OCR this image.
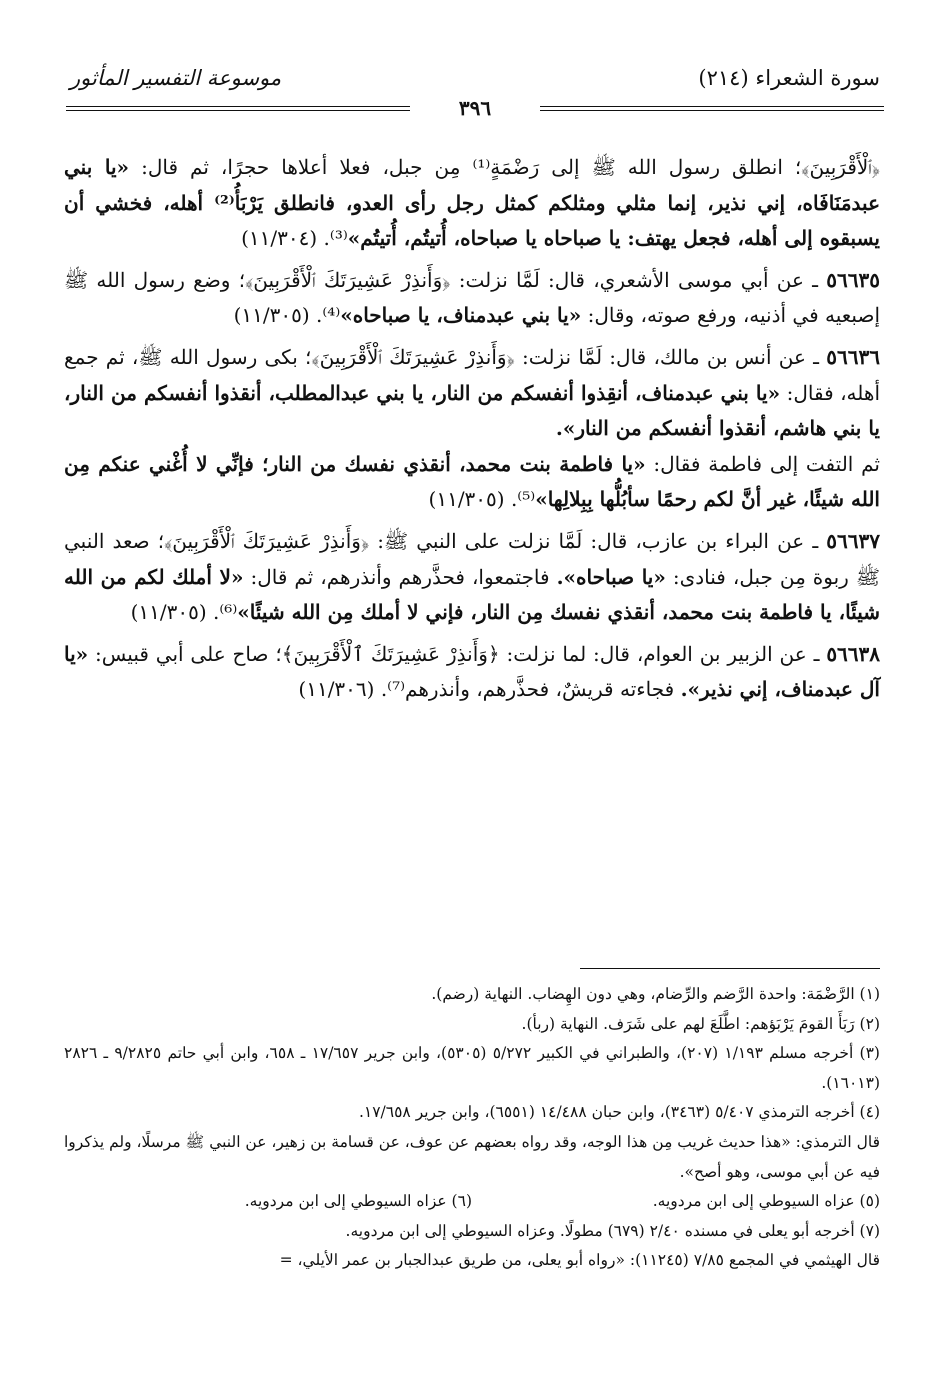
سورة الشعراء (٢١٤)
موسوعة التفسير المأثور
٣٩٦

﴿ٱلْأَقْرَبِينَ﴾؛ انطلق رسول الله ﷺ إلى رَضْمَةٍ⁽¹⁾ مِن جبل، فعلا أعلاها حجرًا، ثم قال: «يا بني عبدمَنَافَاه، إني نذير، إنما مثلي ومثلكم كمثل رجل رأى العدو، فانطلق يَرْبَأُ⁽²⁾ أهله، فخشي أن يسبقوه إلى أهله، فجعل يهتف: يا صباحاه يا صباحاه، أُتيتُم، أُتيتُم»⁽³⁾. (١١/٣٠٤)

٥٦٦٣٥ ـ عن أبي موسى الأشعري، قال: لَمَّا نزلت: ﴿وَأَنذِرْ عَشِيرَتَكَ ٱلْأَقْرَبِينَ﴾؛ وضع رسول الله ﷺ إصبعيه في أذنيه، ورفع صوته، وقال: «يا بني عبدمناف، يا صباحاه»⁽⁴⁾. (١١/٣٠٥)

٥٦٦٣٦ ـ عن أنس بن مالك، قال: لَمَّا نزلت: ﴿وَأَنذِرْ عَشِيرَتَكَ ٱلْأَقْرَبِينَ﴾؛ بكى رسول الله ﷺ، ثم جمع أهله، فقال: «يا بني عبدمناف، أنقِذوا أنفسكم من النار، يا بني عبدالمطلب، أنقذوا أنفسكم من النار، يا بني هاشم، أنقذوا أنفسكم من النار».

ثم التفت إلى فاطمة فقال: «يا فاطمة بنت محمد، أنقذي نفسك من النار؛ فإنِّي لا أُغْني عنكم مِن الله شيئًا، غير أنَّ لكم رحمًا سأبُلُّها بِبِلالِها»⁽⁵⁾. (١١/٣٠٥)

٥٦٦٣٧ ـ عن البراء بن عازب، قال: لَمَّا نزلت على النبي ﷺ: ﴿وَأَنذِرْ عَشِيرَتَكَ ٱلْأَقْرَبِينَ﴾؛ صعد النبي ﷺ ربوة مِن جبل، فنادى: «يا صباحاه». فاجتمعوا، فحذَّرهم وأنذرهم، ثم قال: «لا أملك لكم من الله شيئًا، يا فاطمة بنت محمد، أنقذي نفسك مِن النار، فإني لا أملك مِن الله شيئًا»⁽⁶⁾. (١١/٣٠٥)

٥٦٦٣٨ ـ عن الزبير بن العوام، قال: لما نزلت: ﴿وَأَنذِرْ عَشِيرَتَكَ ٱلْأَقْرَبِينَ﴾؛ صاح على أبي قبيس: «يا آل عبدمناف، إني نذير». فجاءته قريشٌ، فحذَّرهم، وأنذرهم⁽⁷⁾. (١١/٣٠٦)

(١) الرَّضْمَة: واحدة الرَّضم والرِّضام، وهي دون الهِضاب. النهاية (رضم).

(٢) رَبَأَ القومَ يَرْبَؤهم: اطَّلَعَ لهم على شَرَف. النهاية (ربأ).

(٣) أخرجه مسلم ١/١٩٣ (٢٠٧)، والطبراني في الكبير ٥/٢٧٢ (٥٣٠٥)، وابن جرير ١٧/٦٥٧ ـ ٦٥٨، وابن أبي حاتم ٩/٢٨٢٥ ـ ٢٨٢٦ (١٦٠١٣).

(٤) أخرجه الترمذي ٥/٤٠٧ (٣٤٦٣)، وابن حبان ١٤/٤٨٨ (٦٥٥١)، وابن جرير ١٧/٦٥٨.

قال الترمذي: «هذا حديث غريب مِن هذا الوجه، وقد رواه بعضهم عن عوف، عن قسامة بن زهير، عن النبي ﷺ مرسلًا، ولم يذكروا فيه عن أبي موسى، وهو أصح».

(٥) عزاه السيوطي إلى ابن مردويه.
(٦) عزاه السيوطي إلى ابن مردويه.

(٧) أخرجه أبو يعلى في مسنده ٢/٤٠ (٦٧٩) مطولًا. وعزاه السيوطي إلى ابن مردويه.

قال الهيثمي في المجمع ٧/٨٥ (١١٢٤٥): «رواه أبو يعلى، من طريق عبدالجبار بن عمر الأيلي، =
